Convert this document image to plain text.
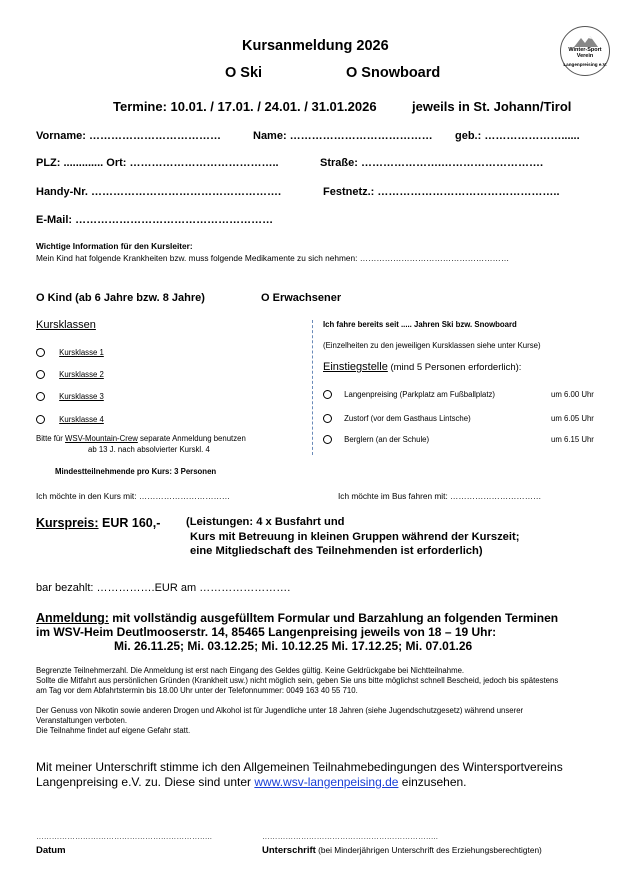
Kursanmeldung 2026
O Ski	O Snowboard
Winter-Sport
Verein
Langenpreising e.V.
Termine: 10.01. / 17.01. / 24.01. / 31.01.2026	jeweils in St. Johann/Tirol
Vorname: ………………………………	Name: ………………………………… geb.: …………………......
PLZ: ............. Ort: …………………………………..	Straße: ………………….……………………….
Handy-Nr. …………………………………………….	Festnetz.: …………………………………………..
E-Mail: ………………………………………………
Wichtige Information für den Kursleiter:
Mein Kind hat folgende Krankheiten bzw. muss folgende Medikamente zu sich nehmen: ………………………………………………
O Kind (ab 6 Jahre bzw. 8 Jahre)	O Erwachsener
Kursklassen
Kursklasse 1
Kursklasse 2
Kursklasse 3
Kursklasse 4
Bitte für WSV-Mountain-Crew separate Anmeldung benutzen
ab 13 J. nach absolvierter Kurskl. 4
Mindestteilnehmende pro Kurs: 3 Personen
Ich fahre bereits seit ..... Jahren Ski bzw. Snowboard
(Einzelheiten zu den jeweiligen Kursklassen siehe unter Kurse)
Einstiegstelle (mind 5 Personen erforderlich):
Langenpreising (Parkplatz am Fußballplatz)	um 6.00 Uhr
Zustorf (vor dem Gasthaus Lintsche)	um 6.05 Uhr
Berglern (an der Schule)	um 6.15 Uhr
Ich möchte in den Kurs mit: ……………………………	Ich möchte im Bus fahren mit: ……………………………
Kurspreis: EUR 160,- (Leistungen: 4 x Busfahrt und
Kurs mit Betreuung in kleinen Gruppen während der Kurszeit;
eine Mitgliedschaft des Teilnehmenden ist erforderlich)
bar bezahlt: …………….EUR am …………………….
Anmeldung: mit vollständig ausgefülltem Formular und Barzahlung an folgenden Terminen
im WSV-Heim Deutlmooserstr. 14, 85465 Langenpreising jeweils von 18 – 19 Uhr:
Mi. 26.11.25; Mi. 03.12.25; Mi. 10.12.25 Mi. 17.12.25; Mi. 07.01.26
Begrenzte Teilnehmerzahl. Die Anmeldung ist erst nach Eingang des Geldes gültig. Keine Geldrückgabe bei Nichtteilnahme.
Sollte die Mitfahrt aus persönlichen Gründen (Krankheit usw.) nicht möglich sein, geben Sie uns bitte möglichst schnell Bescheid, jedoch bis spätestens
am Tag vor dem Abfahrtstermin bis 18.00 Uhr unter der Telefonnummer: 0049 163 40 55 710.
Der Genuss von Nikotin sowie anderen Drogen und Alkohol ist für Jugendliche unter 18 Jahren (siehe Jugendschutzgesetz) während unserer
Veranstaltungen verboten.
Die Teilnahme findet auf eigene Gefahr statt.
Mit meiner Unterschrift stimme ich den Allgemeinen Teilnahmebedingungen des Wintersportvereins
Langenpreising e.V. zu. Diese sind unter www.wsv-langenpeising.de einzusehen.
…………………………………………………………..	…………………………………………………………..
Datum	Unterschrift (bei Minderjährigen Unterschrift des Erziehungsberechtigten)
